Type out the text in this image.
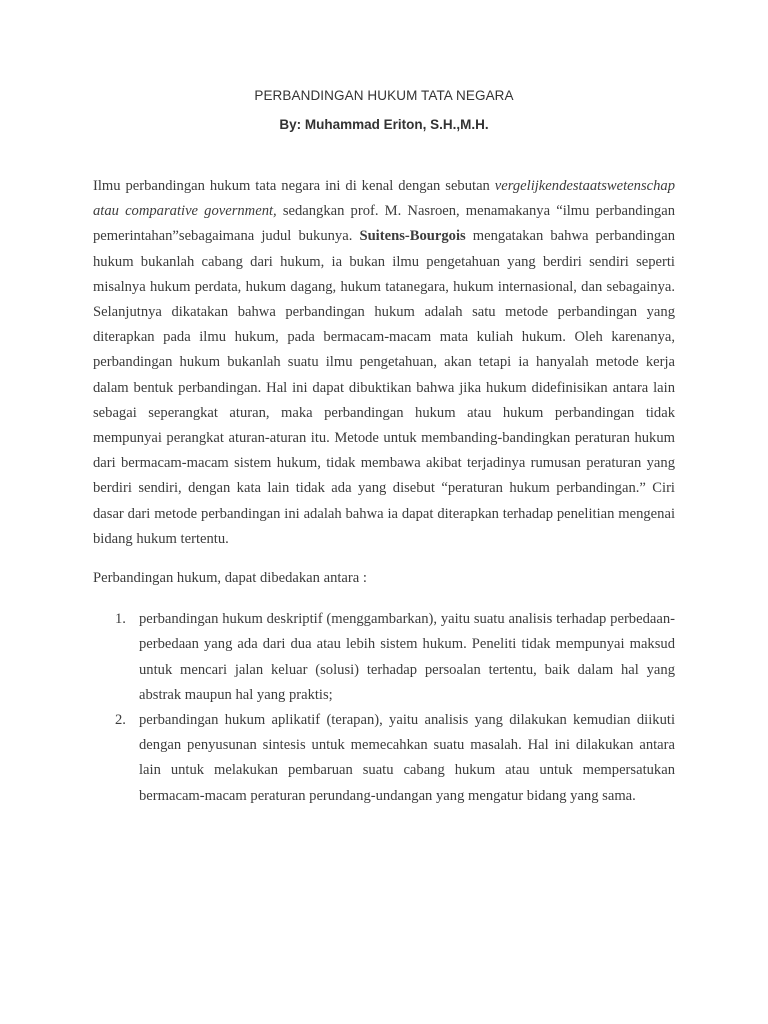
PERBANDINGAN HUKUM TATA NEGARA
By: Muhammad Eriton, S.H.,M.H.

Ilmu perbandingan hukum tata negara ini di kenal dengan sebutan vergelijkendestaatswetenschap atau comparative government, sedangkan prof. M. Nasroen, menamakanya “ilmu perbandingan pemerintahan”sebagaimana judul bukunya. Suitens-Bourgois mengatakan bahwa perbandingan hukum bukanlah cabang dari hukum, ia bukan ilmu pengetahuan yang berdiri sendiri seperti misalnya hukum perdata, hukum dagang, hukum tatanegara, hukum internasional, dan sebagainya. Selanjutnya dikatakan bahwa perbandingan hukum adalah satu metode perbandingan yang diterapkan pada ilmu hukum, pada bermacam-macam mata kuliah hukum. Oleh karenanya, perbandingan hukum bukanlah suatu ilmu pengetahuan, akan tetapi ia hanyalah metode kerja dalam bentuk perbandingan. Hal ini dapat dibuktikan bahwa jika hukum didefinisikan antara lain sebagai seperangkat aturan, maka perbandingan hukum atau hukum perbandingan tidak mempunyai perangkat aturan-aturan itu. Metode untuk membanding-bandingkan peraturan hukum dari bermacam-macam sistem hukum, tidak membawa akibat terjadinya rumusan peraturan yang berdiri sendiri, dengan kata lain tidak ada yang disebut “peraturan hukum perbandingan.” Ciri dasar dari metode perbandingan ini adalah bahwa ia dapat diterapkan terhadap penelitian mengenai bidang hukum tertentu.

Perbandingan hukum, dapat dibedakan antara :

1. perbandingan hukum deskriptif (menggambarkan), yaitu suatu analisis terhadap perbedaan-perbedaan yang ada dari dua atau lebih sistem hukum. Peneliti tidak mempunyai maksud untuk mencari jalan keluar (solusi) terhadap persoalan tertentu, baik dalam hal yang abstrak maupun hal yang praktis;
2. perbandingan hukum aplikatif (terapan), yaitu analisis yang dilakukan kemudian diikuti dengan penyusunan sintesis untuk memecahkan suatu masalah. Hal ini dilakukan antara lain untuk melakukan pembaruan suatu cabang hukum atau untuk mempersatukan bermacam-macam peraturan perundang-undangan yang mengatur bidang yang sama.
